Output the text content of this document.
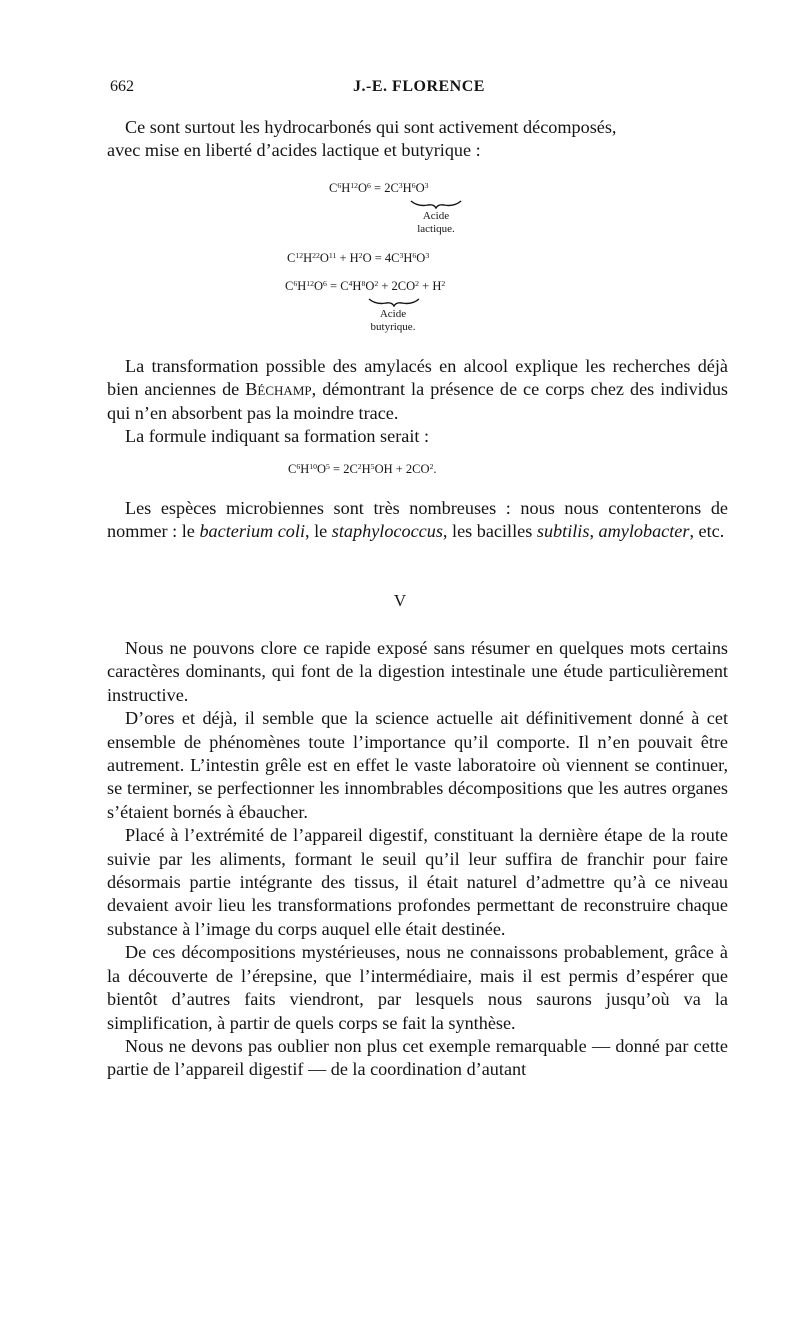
662	J.-E. FLORENCE

Ce sont surtout les hydrocarbonés qui sont activement décomposés,

avec mise en liberté d’acides lactique et butyrique :

$C^6H^{12}O^6 = 2C^3H^6O^3$
Acide
lactique.
$C^{12}H^{22}O^{11} + H^2O = 4C^3H^6O^3$
$C^6H^{12}O^6 = C^4H^8O^2 + 2CO^2 + H^2$
Acide
butyrique.

La transformation possible des amylacés en alcool explique les recherches déjà bien anciennes de Béchamp, démontrant la présence de ce corps chez des individus qui n’en absorbent pas la moindre trace.

La formule indiquant sa formation serait :

$C^6H^{10}O^5 = 2C^2H^5OH + 2CO^2$.

Les espèces microbiennes sont très nombreuses : nous nous contenterons de nommer : le bacterium coli, le staphylococcus, les bacilles subtilis, amylobacter, etc.

V

Nous ne pouvons clore ce rapide exposé sans résumer en quelques mots certains caractères dominants, qui font de la digestion intestinale une étude particulièrement instructive.

D’ores et déjà, il semble que la science actuelle ait définitivement donné à cet ensemble de phénomènes toute l’importance qu’il comporte. Il n’en pouvait être autrement. L’intestin grêle est en effet le vaste laboratoire où viennent se continuer, se terminer, se perfectionner les innombrables décompositions que les autres organes s’étaient bornés à ébaucher.

Placé à l’extrémité de l’appareil digestif, constituant la dernière étape de la route suivie par les aliments, formant le seuil qu’il leur suffira de franchir pour faire désormais partie intégrante des tissus, il était naturel d’admettre qu’à ce niveau devaient avoir lieu les transformations profondes permettant de reconstruire chaque substance à l’image du corps auquel elle était destinée.

De ces décompositions mystérieuses, nous ne connaissons probablement, grâce à la découverte de l’érepsine, que l’intermédiaire, mais il est permis d’espérer que bientôt d’autres faits viendront, par lesquels nous saurons jusqu’où va la simplification, à partir de quels corps se fait la synthèse.

Nous ne devons pas oublier non plus cet exemple remarquable — donné par cette partie de l’appareil digestif — de la coordination d’autant
